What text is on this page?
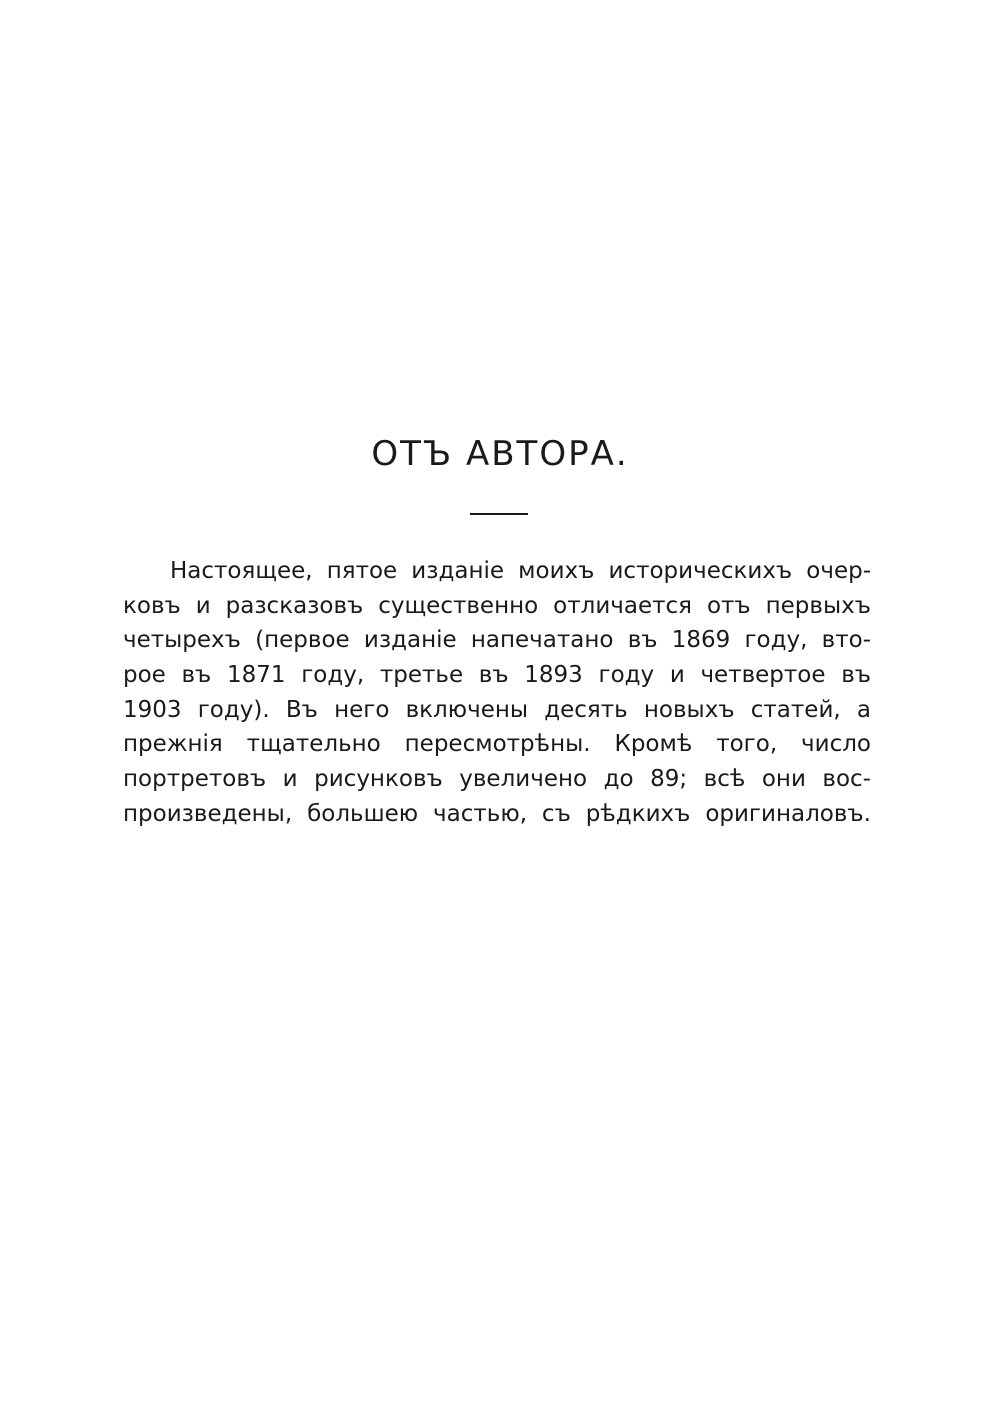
ОТЪ АВТОРА.
Настоящее, пятое изданіе моихъ историческихъ очер-
ковъ и разсказовъ существенно отличается отъ первыхъ
четырехъ (первое изданіе напечатано въ 1869 году, вто-
рое въ 1871 году, третье въ 1893 году и четвертое въ
1903 году). Въ него включены десять новыхъ статей, а
прежнія тщательно пересмотрѣны. Кромѣ того, число
портретовъ и рисунковъ увеличено до 89; всѣ они вос-
произведены, большею частью, съ рѣдкихъ оригиналовъ.
